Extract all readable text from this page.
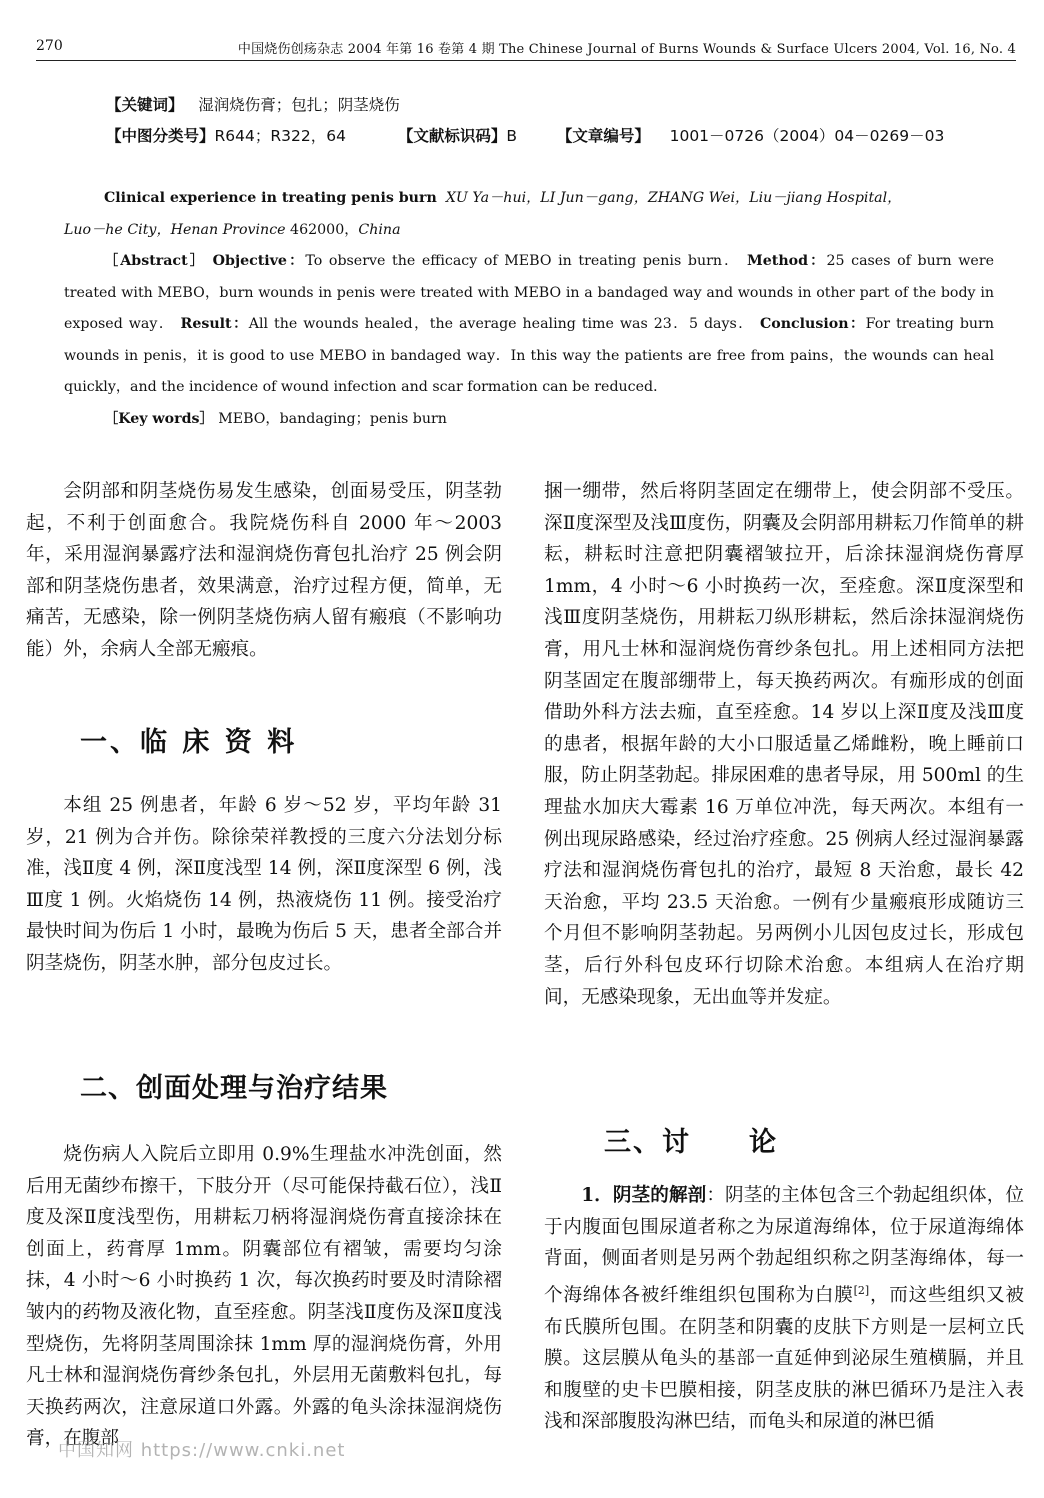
270	中国烧伤创疡杂志 2004 年第 16 卷第 4 期 The Chinese Journal of Burns Wounds & Surface Ulcers 2004, Vol. 16, No. 4
【关键词】 湿润烧伤膏；包扎；阴茎烧伤
【中图分类号】R644；R322，64	【文献标识码】B	【文章编号】 1001－0726（2004）04－0269－03
Clinical experience in treating penis burn XU Ya－hui，LI Jun－gang，ZHANG Wei，Liu－jiang Hospital，
Luo－he City，Henan Province 462000，China
［Abstract］ Objective：To observe the efficacy of MEBO in treating penis burn． Method：25 cases of burn were treated with MEBO，burn wounds in penis were treated with MEBO in a bandaged way and wounds in other part of the body in exposed way． Result：All the wounds healed，the average healing time was 23．5 days． Conclusion：For treating burn wounds in penis，it is good to use MEBO in bandaged way．In this way the patients are free from pains，the wounds can heal quickly，and the incidence of wound infection and scar formation can be reduced．
［Key words］ MEBO，bandaging；penis burn

会阴部和阴茎烧伤易发生感染，创面易受压，阴茎勃起，不利于创面愈合。我院烧伤科自 2000 年～2003年，采用湿润暴露疗法和湿润烧伤膏包扎治疗 25 例会阴部和阴茎烧伤患者，效果满意，治疗过程方便，简单，无痛苦，无感染，除一例阴茎烧伤病人留有瘢痕（不影响功能）外，余病人全部无瘢痕。

一、临 床 资 料

本组 25 例患者，年龄 6 岁～52 岁，平均年龄 31 岁，21 例为合并伤。除徐荣祥教授的三度六分法划分标准，浅Ⅱ度 4 例，深Ⅱ度浅型 14 例，深Ⅱ度深型 6 例，浅Ⅲ度 1 例。火焰烧伤 14 例，热液烧伤 11 例。接受治疗最快时间为伤后 1 小时，最晚为伤后 5 天，患者全部合并阴茎烧伤，阴茎水肿，部分包皮过长。

二、创面处理与治疗结果

烧伤病人入院后立即用 0.9%生理盐水冲洗创面，然后用无菌纱布擦干，下肢分开（尽可能保持截石位），浅Ⅱ度及深Ⅱ度浅型伤，用耕耘刀柄将湿润烧伤膏直接涂抹在创面上，药膏厚 1mm。阴囊部位有褶皱，需要均匀涂抹，4 小时～6 小时换药 1 次，每次换药时要及时清除褶皱内的药物及液化物，直至痊愈。阴茎浅Ⅱ度伤及深Ⅱ度浅型烧伤，先将阴茎周围涂抹 1mm 厚的湿润烧伤膏，外用凡士林和湿润烧伤膏纱条包扎，外层用无菌敷料包扎，每天换药两次，注意尿道口外露。外露的龟头涂抹湿润烧伤膏，在腹部

捆一绷带，然后将阴茎固定在绷带上，使会阴部不受压。深Ⅱ度深型及浅Ⅲ度伤，阴囊及会阴部用耕耘刀作简单的耕耘，耕耘时注意把阴囊褶皱拉开，后涂抹湿润烧伤膏厚 1mm，4 小时～6 小时换药一次，至痊愈。深Ⅱ度深型和浅Ⅲ度阴茎烧伤，用耕耘刀纵形耕耘，然后涂抹湿润烧伤膏，用凡士林和湿润烧伤膏纱条包扎。用上述相同方法把阴茎固定在腹部绷带上，每天换药两次。有痂形成的创面借助外科方法去痂，直至痊愈。14 岁以上深Ⅱ度及浅Ⅲ度的患者，根据年龄的大小口服适量乙烯雌粉，晚上睡前口服，防止阴茎勃起。排尿困难的患者导尿，用 500ml 的生理盐水加庆大霉素 16 万单位冲洗，每天两次。本组有一例出现尿路感染，经过治疗痊愈。25 例病人经过湿润暴露疗法和湿润烧伤膏包扎的治疗，最短 8 天治愈，最长 42 天治愈，平均 23.5 天治愈。一例有少量瘢痕形成随访三个月但不影响阴茎勃起。另两例小儿因包皮过长，形成包茎，后行外科包皮环行切除术治愈。本组病人在治疗期间，无感染现象，无出血等并发症。

三、讨　　论

1．阴茎的解剖：阴茎的主体包含三个勃起组织体，位于内腹面包围尿道者称之为尿道海绵体，位于尿道海绵体背面，侧面者则是另两个勃起组织称之阴茎海绵体，每一个海绵体各被纤维组织包围称为白膜[2]，而这些组织又被布氏膜所包围。在阴茎和阴囊的皮肤下方则是一层柯立氏膜。这层膜从龟头的基部一直延伸到泌尿生殖横膈，并且和腹壁的史卡巴膜相接，阴茎皮肤的淋巴循环乃是注入表浅和深部腹股沟淋巴结，而龟头和尿道的淋巴循

中国知网 https://www.cnki.net
